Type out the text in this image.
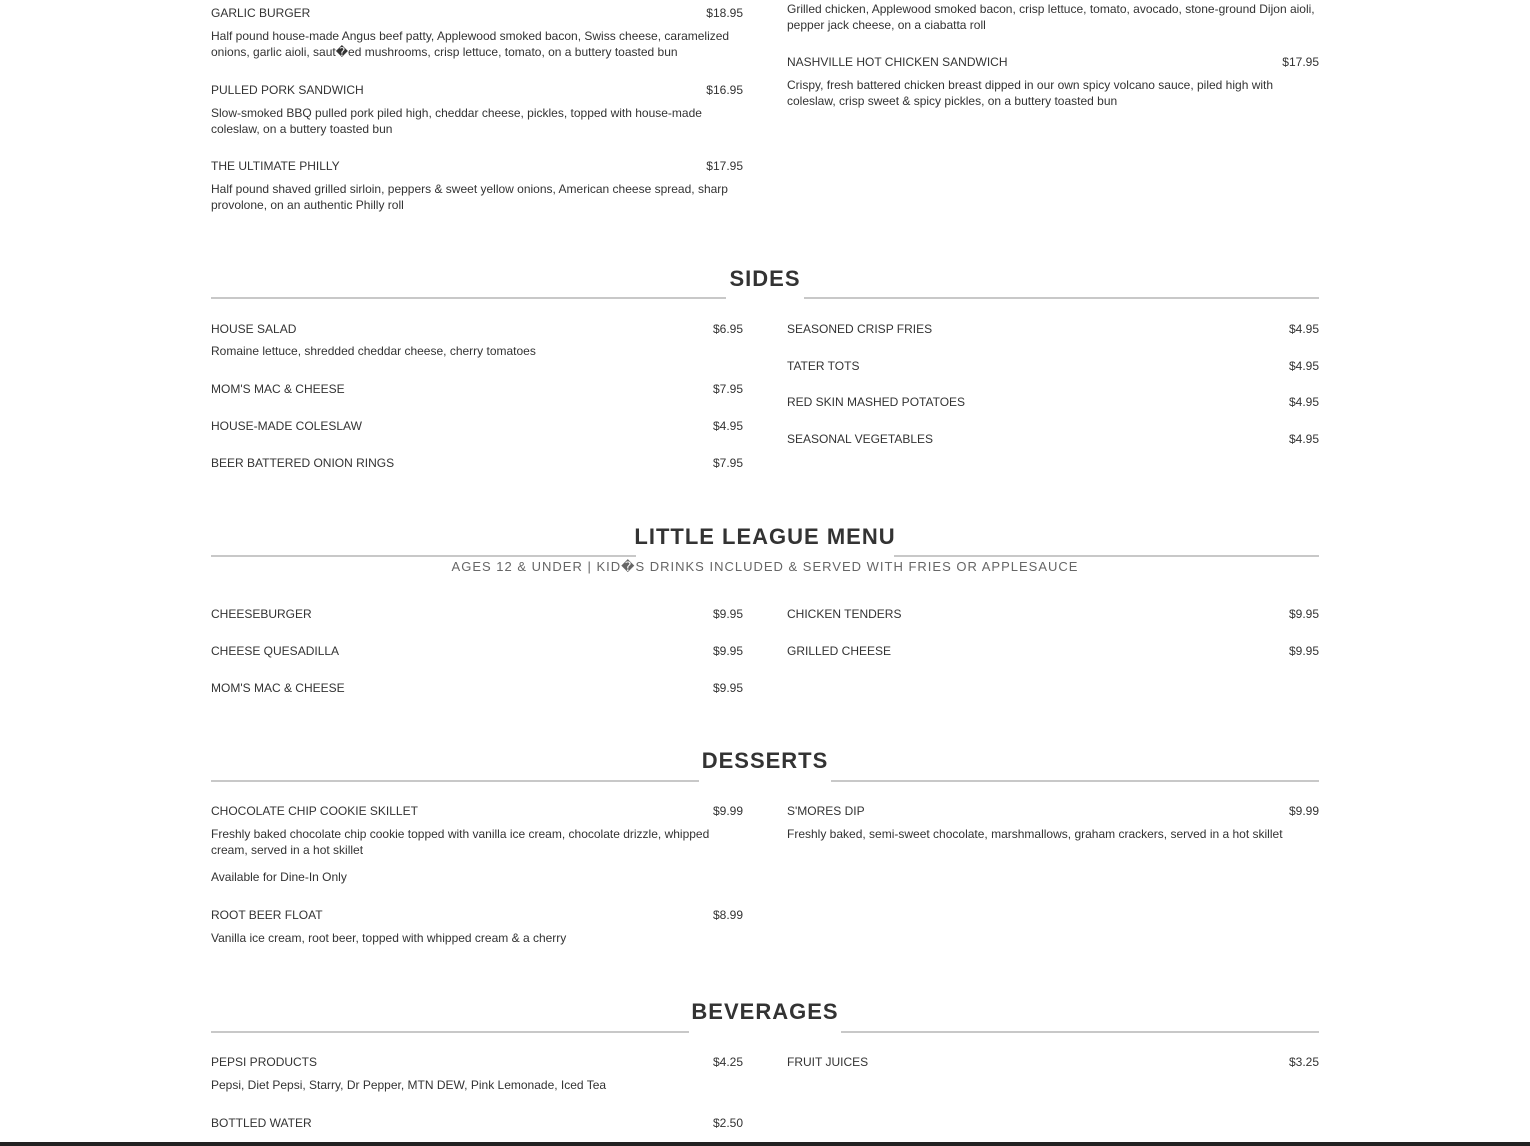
GARLIC BURGER	$18.95
Half pound house-made Angus beef patty, Applewood smoked bacon, Swiss cheese, caramelized onions, garlic aioli, saut�ed mushrooms, crisp lettuce, tomato, on a buttery toasted bun
PULLED PORK SANDWICH	$16.95
Slow-smoked BBQ pulled pork piled high, cheddar cheese, pickles, topped with house-made coleslaw, on a buttery toasted bun
THE ULTIMATE PHILLY	$17.95
Half pound shaved grilled sirloin, peppers & sweet yellow onions, American cheese spread, sharp provolone, on an authentic Philly roll
Grilled chicken, Applewood smoked bacon, crisp lettuce, tomato, avocado, stone-ground Dijon aioli, pepper jack cheese, on a ciabatta roll
NASHVILLE HOT CHICKEN SANDWICH	$17.95
Crispy, fresh battered chicken breast dipped in our own spicy volcano sauce, piled high with coleslaw, crisp sweet & spicy pickles, on a buttery toasted bun
SIDES
HOUSE SALAD	$6.95
Romaine lettuce, shredded cheddar cheese, cherry tomatoes
MOM'S MAC & CHEESE	$7.95
HOUSE-MADE COLESLAW	$4.95
BEER BATTERED ONION RINGS	$7.95
SEASONED CRISP FRIES	$4.95
TATER TOTS	$4.95
RED SKIN MASHED POTATOES	$4.95
SEASONAL VEGETABLES	$4.95
LITTLE LEAGUE MENU
AGES 12 & UNDER | KID�S DRINKS INCLUDED & SERVED WITH FRIES OR APPLESAUCE
CHEESEBURGER	$9.95
CHEESE QUESADILLA	$9.95
MOM'S MAC & CHEESE	$9.95
CHICKEN TENDERS	$9.95
GRILLED CHEESE	$9.95
DESSERTS
CHOCOLATE CHIP COOKIE SKILLET	$9.99
Freshly baked chocolate chip cookie topped with vanilla ice cream, chocolate drizzle, whipped cream, served in a hot skillet
Available for Dine-In Only
ROOT BEER FLOAT	$8.99
Vanilla ice cream, root beer, topped with whipped cream & a cherry
S'MORES DIP	$9.99
Freshly baked, semi-sweet chocolate, marshmallows, graham crackers, served in a hot skillet
BEVERAGES
PEPSI PRODUCTS	$4.25
Pepsi, Diet Pepsi, Starry, Dr Pepper, MTN DEW, Pink Lemonade, Iced Tea
BOTTLED WATER	$2.50
FRUIT JUICES	$3.25
